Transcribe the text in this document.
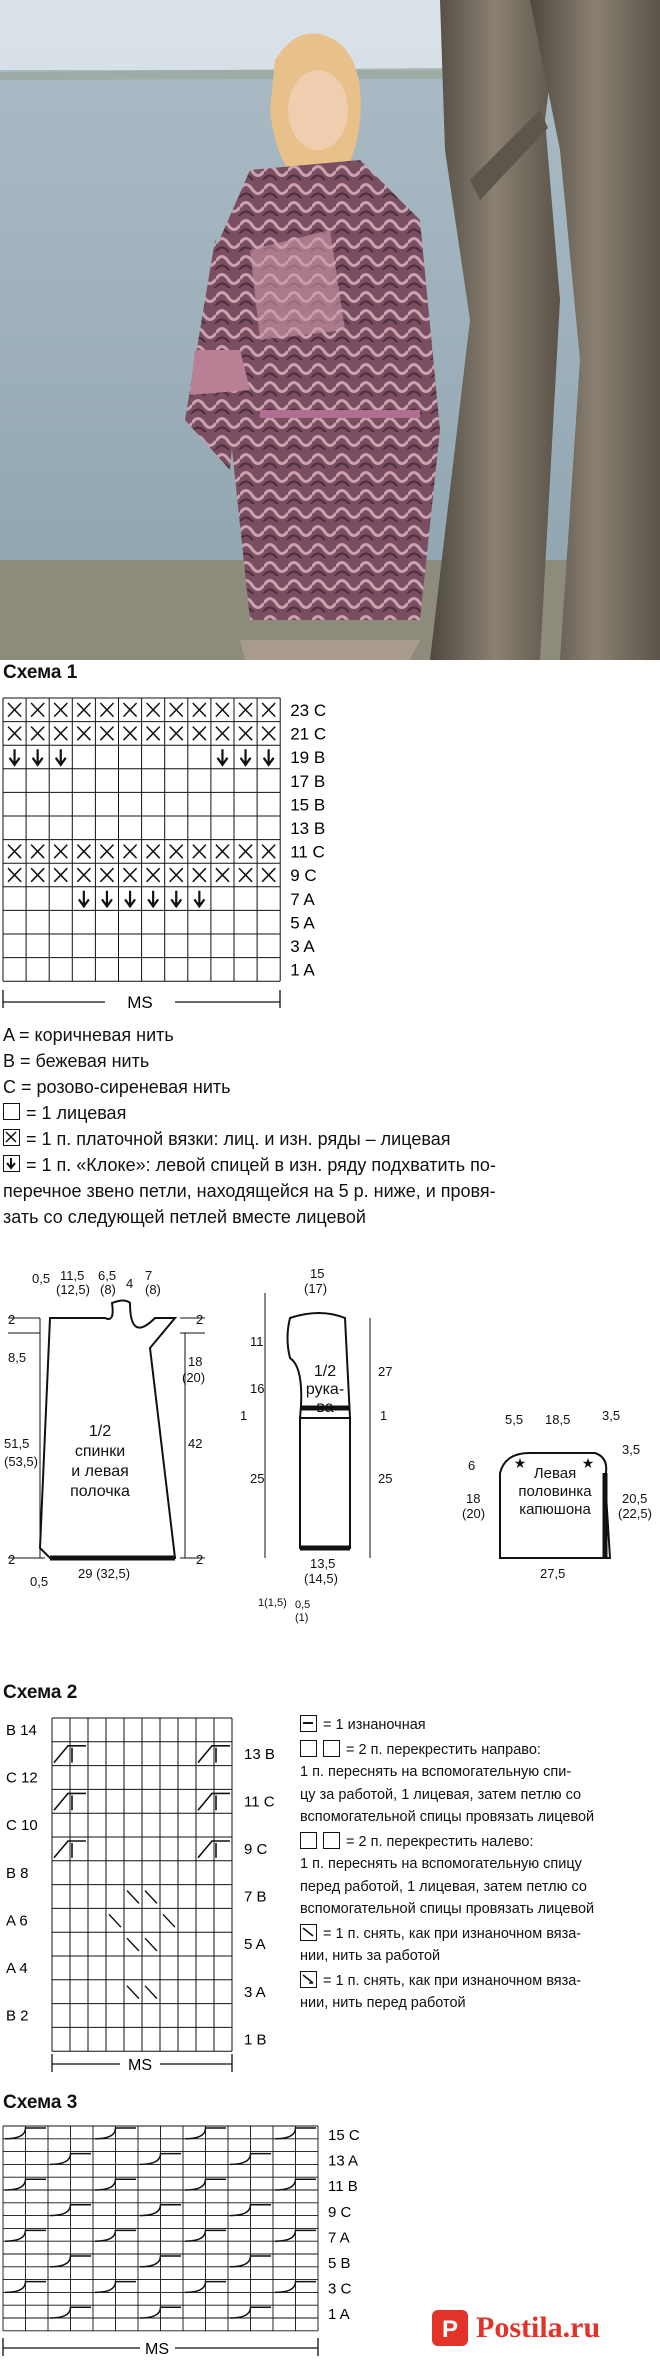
Схема 1
23 C
21 C
19 B
17 B
15 B
13 B
11 C
9 C
7 A
5 A
3 A
1 A
MS
A = коричневая нить
B = бежевая нить
C = розово-сиреневая нить
= 1 лицевая
= 1 п. платочной вязки: лиц. и изн. ряды – лицевая
= 1 п. «Клоке»: левой спицей в изн. ряду подхватить по-
перечное звено петли, находящейся на 5 р. ниже, и провя-
зать со следующей петлей вместе лицевой
0,5 11,5
(12,5)
6,5
(8) 4
7
(8)
2
8,5
51,5
(53,5)
2
0,5
2
18
(20)
42
2
29 (32,5)
1/2
спинки
и левая
полочка
15
(17)
11
16
1
25
1(1,5)
27
1
25
13,5
(14,5)
0,5
(1)
1/2
рука-
ва
5,5 18,5 3,5
6
18
(20)
3,5
20,5
(22,5)
27,5
Левая
половинка
капюшона
★	★
Схема 2
B 14
C 12
C 10
B 8
A 6
A 4
B 2
13 B
11 C
9 C
7 B
5 A
3 A
1 B
MS
= 1 изнаночная
= 2 п. перекрестить направо:
1 п. переснять на вспомогательную спи-
цу за работой, 1 лицевая, затем петлю со
вспомогательной спицы провязать лицевой
= 2 п. перекрестить налево:
1 п. переснять на вспомогательную спицу
перед работой, 1 лицевая, затем петлю со
вспомогательной спицы провязать лицевой
= 1 п. снять, как при изнаночном вяза-
нии, нить за работой
= 1 п. снять, как при изнаночном вяза-
нии, нить перед работой
Схема 3
15 C
13 A
11 B
9 C
7 A
5 B
3 C
1 A
MS
P Postila.ru
